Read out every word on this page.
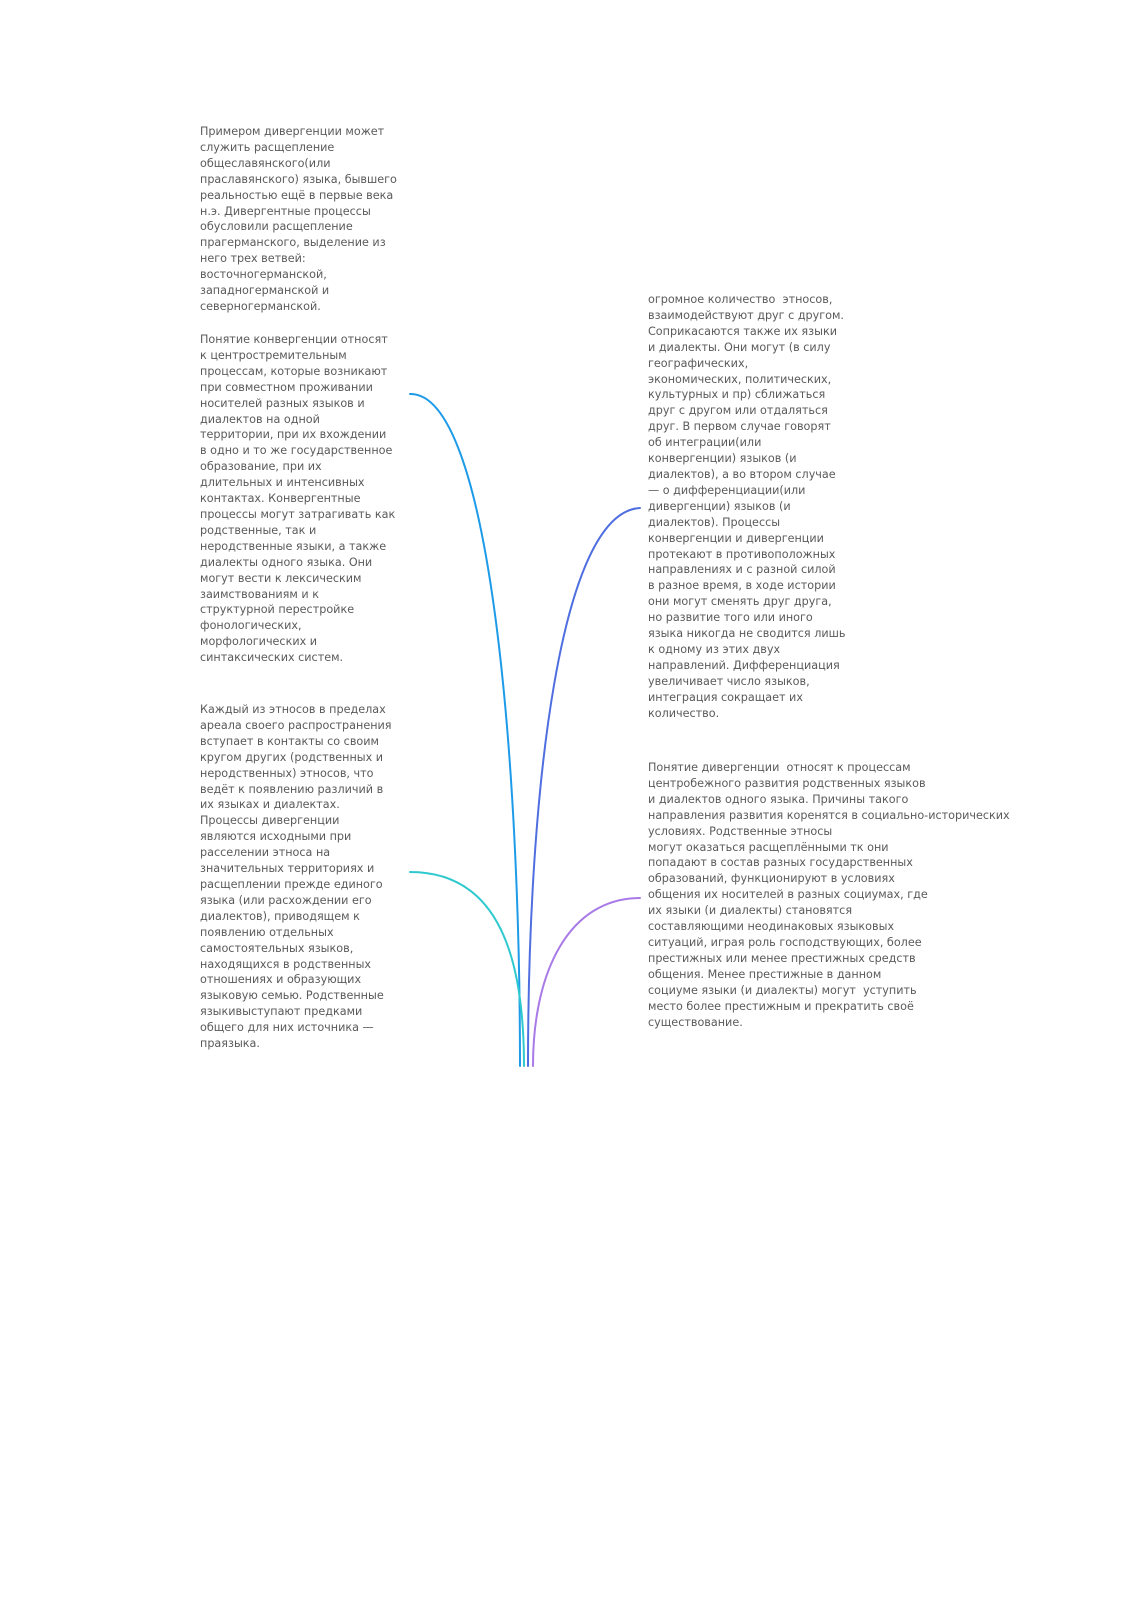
Примером дивергенции может
служить расщепление
общеславянского(или
праславянского) языка, бывшего
реальностью ещё в первые века
н.э. Дивергентные процессы
обусловили расщепление
прагерманского, выделение из
него трех ветвей:
восточногерманской,
западногерманской и
северногерманской.

Понятие конвергенции относят
к центростремительным
процессам, которые возникают
при совместном проживании
носителей разных языков и
диалектов на одной
территории, при их вхождении
в одно и то же государственное
образование, при их
длительных и интенсивных
контактах. Конвергентные
процессы могут затрагивать как
родственные, так и
неродственные языки, а также
диалекты одного языка. Они
могут вести к лексическим
заимствованиям и к
структурной перестройке
фонологических,
морфологических и
синтаксических систем.

Каждый из этносов в пределах
ареала своего распространения
вступает в контакты со своим
кругом других (родственных и
неродственных) этносов, что
ведёт к появлению различий в
их языках и диалектах.
Процессы дивергенции
являются исходными при
расселении этноса на
значительных территориях и
расщеплении прежде единого
языка (или расхождении его
диалектов), приводящем к
появлению отдельных
самостоятельных языков,
находящихся в родственных
отношениях и образующих
языковую семью. Родственные
языкивыступают предками
общего для них источника —
праязыка.

огромное количество  этносов,
взаимодействуют друг с другом.
Соприкасаются также их языки
и диалекты. Они могут (в силу
географических,
экономических, политических,
культурных и пр) сближаться
друг с другом или отдаляться
друг. В первом случае говорят
об интеграции(или
конвергенции) языков (и
диалектов), а во втором случае
— о дифференциации(или
дивергенции) языков (и
диалектов). Процессы
конвергенции и дивергенции
протекают в противоположных
направлениях и с разной силой
в разное время, в ходе истории
они могут сменять друг друга,
но развитие того или иного
языка никогда не сводится лишь
к одному из этих двух
направлений. Дифференциация
увеличивает число языков,
интеграция сокращает их
количество.

Понятие дивергенции  относят к процессам
центробежного развития родственных языков
и диалектов одного языка. Причины такого
направления развития коренятся в социально-исторических
условиях. Родственные этносы
могут оказаться расщеплёнными тк они
попадают в состав разных государственных
образований, функционируют в условиях
общения их носителей в разных социумах, где
их языки (и диалекты) становятся
составляющими неодинаковых языковых
ситуаций, играя роль господствующих, более
престижных или менее престижных средств
общения. Менее престижные в данном
социуме языки (и диалекты) могут  уступить
место более престижным и прекратить своё
существование.
